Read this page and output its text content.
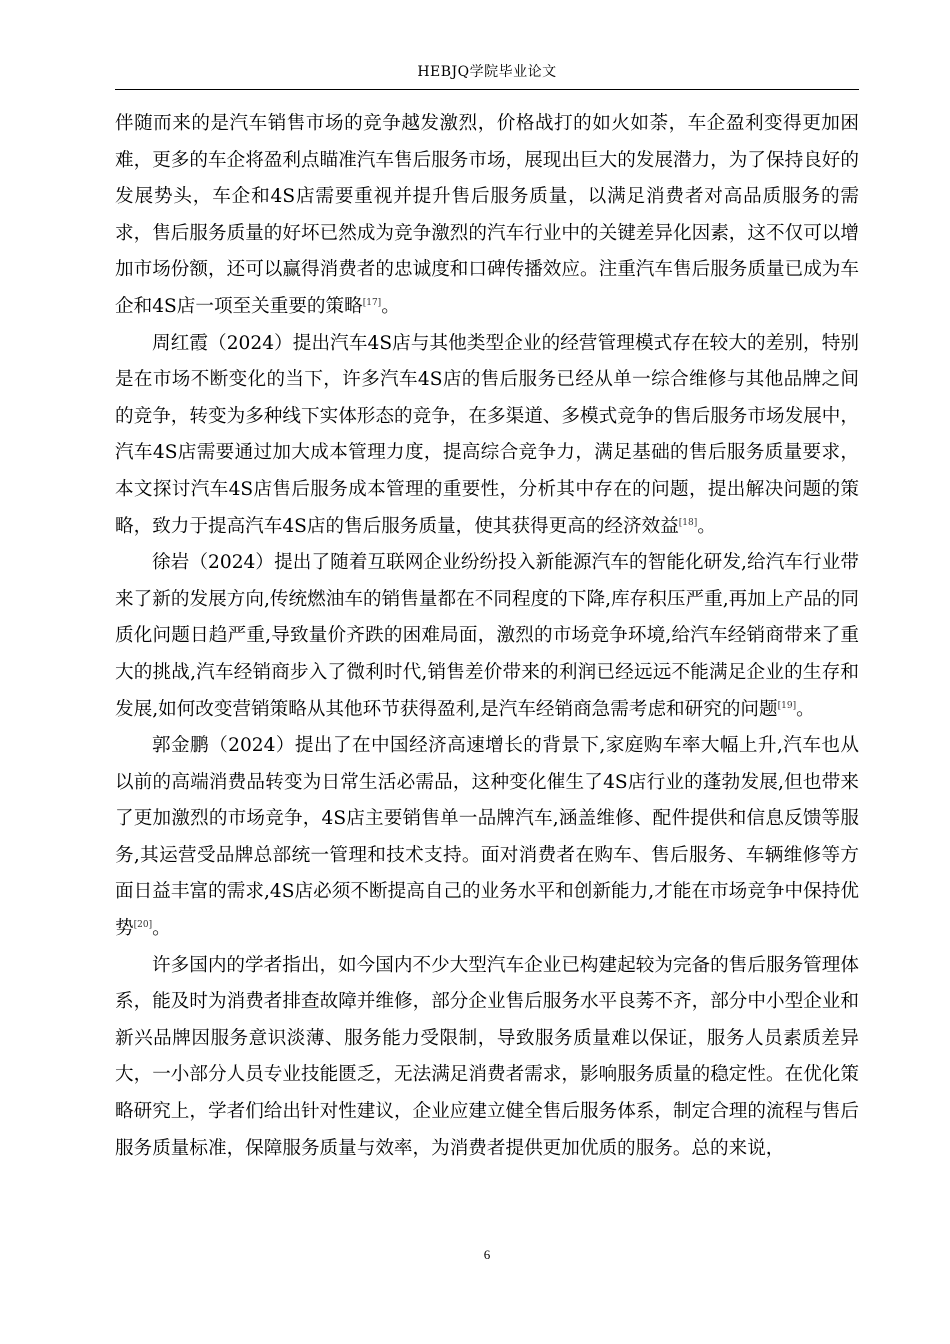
HEBJQ学院毕业论文

伴随而来的是汽车销售市场的竞争越发激烈，价格战打的如火如荼，车企盈利变得更加困难，更多的车企将盈利点瞄准汽车售后服务市场，展现出巨大的发展潜力，为了保持良好的发展势头，车企和4S店需要重视并提升售后服务质量，以满足消费者对高品质服务的需求，售后服务质量的好坏已然成为竞争激烈的汽车行业中的关键差异化因素，这不仅可以增加市场份额，还可以赢得消费者的忠诚度和口碑传播效应。注重汽车售后服务质量已成为车企和4S店一项至关重要的策略[17]。

周红霞（2024）提出汽车4S店与其他类型企业的经营管理模式存在较大的差别，特别是在市场不断变化的当下，许多汽车4S店的售后服务已经从单一综合维修与其他品牌之间的竞争，转变为多种线下实体形态的竞争，在多渠道、多模式竞争的售后服务市场发展中，汽车4S店需要通过加大成本管理力度，提高综合竞争力，满足基础的售后服务质量要求，本文探讨汽车4S店售后服务成本管理的重要性，分析其中存在的问题，提出解决问题的策略，致力于提高汽车4S店的售后服务质量，使其获得更高的经济效益[18]。

徐岩（2024）提出了随着互联网企业纷纷投入新能源汽车的智能化研发,给汽车行业带来了新的发展方向,传统燃油车的销售量都在不同程度的下降,库存积压严重,再加上产品的同质化问题日趋严重,导致量价齐跌的困难局面，激烈的市场竞争环境,给汽车经销商带来了重大的挑战,汽车经销商步入了微利时代,销售差价带来的利润已经远远不能满足企业的生存和发展,如何改变营销策略从其他环节获得盈利,是汽车经销商急需考虑和研究的问题[19]。

郭金鹏（2024）提出了在中国经济高速增长的背景下,家庭购车率大幅上升,汽车也从以前的高端消费品转变为日常生活必需品，这种变化催生了4S店行业的蓬勃发展,但也带来了更加激烈的市场竞争，4S店主要销售单一品牌汽车,涵盖维修、配件提供和信息反馈等服务,其运营受品牌总部统一管理和技术支持。面对消费者在购车、售后服务、车辆维修等方面日益丰富的需求,4S店必须不断提高自己的业务水平和创新能力,才能在市场竞争中保持优势[20]。

许多国内的学者指出，如今国内不少大型汽车企业已构建起较为完备的售后服务管理体系，能及时为消费者排查故障并维修，部分企业售后服务水平良莠不齐，部分中小型企业和新兴品牌因服务意识淡薄、服务能力受限制，导致服务质量难以保证，服务人员素质差异大，一小部分人员专业技能匮乏，无法满足消费者需求，影响服务质量的稳定性。在优化策略研究上，学者们给出针对性建议，企业应建立健全售后服务体系，制定合理的流程与售后服务质量标准，保障服务质量与效率，为消费者提供更加优质的服务。总的来说，

6
